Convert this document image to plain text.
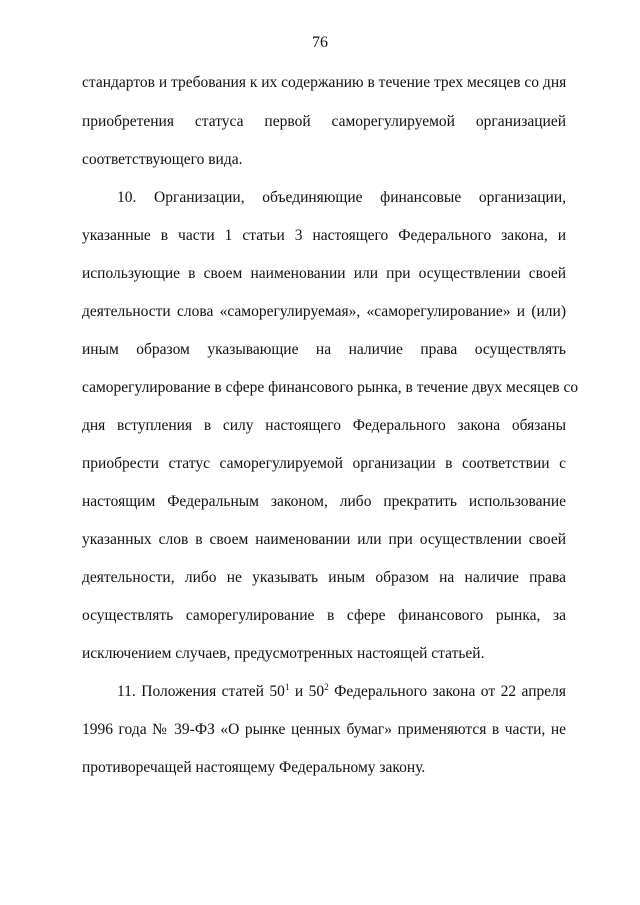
76
стандартов и требования к их содержанию в течение трех месяцев со дня
приобретения статуса первой саморегулируемой организацией
соответствующего вида.
10. Организации, объединяющие финансовые организации,
указанные в части 1 статьи 3 настоящего Федерального закона, и
использующие в своем наименовании или при осуществлении своей
деятельности слова «саморегулируемая», «саморегулирование» и (или)
иным образом указывающие на наличие права осуществлять
саморегулирование в сфере финансового рынка, в течение двух месяцев со
дня вступления в силу настоящего Федерального закона обязаны
приобрести статус саморегулируемой организации в соответствии с
настоящим Федеральным законом, либо прекратить использование
указанных слов в своем наименовании или при осуществлении своей
деятельности, либо не указывать иным образом на наличие права
осуществлять саморегулирование в сфере финансового рынка, за
исключением случаев, предусмотренных настоящей статьей.
11. Положения статей $50^1$ и $50^2$ Федерального закона от 22 апреля
1996 года № 39-ФЗ «О рынке ценных бумаг» применяются в части, не
противоречащей настоящему Федеральному закону.
